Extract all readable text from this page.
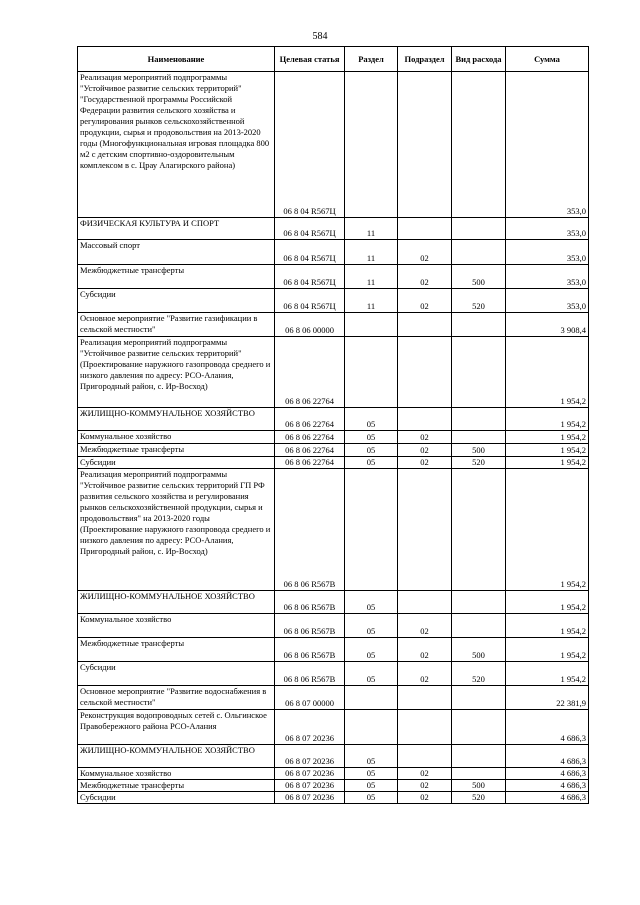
584
Наименование	Целевая статья	Раздел	Подраздел	Вид расхода	Сумма
Реализация мероприятий подпрограммы "Устойчивое развитие сельских территорий" "Государственной программы Российской Федерации развития сельского хозяйства и регулирования рынков сельскохозяйственной продукции, сырья и продовольствия на 2013-2020 годы (Многофункциональная игровая площадка 800 м2 с детским спортивно-оздоровительным комплексом в с. Црау Алагирского района)	06 8 04 R567Ц				353,0
ФИЗИЧЕСКАЯ КУЛЬТУРА И СПОРТ	06 8 04 R567Ц	11			353,0
Массовый спорт	06 8 04 R567Ц	11	02		353,0
Межбюджетные трансферты	06 8 04 R567Ц	11	02	500	353,0
Субсидии	06 8 04 R567Ц	11	02	520	353,0
Основное мероприятие "Развитие газификации в сельской местности"	06 8 06 00000				3 908,4
Реализация мероприятий подпрограммы "Устойчивое развитие сельских территорий" (Проектирование наружного газопровода среднего и низкого давления по адресу: РСО-Алания, Пригородный район, с. Ир-Восход)	06 8 06 22764				1 954,2
ЖИЛИЩНО-КОММУНАЛЬНОЕ ХОЗЯЙСТВО	06 8 06 22764	05			1 954,2
Коммунальное хозяйство	06 8 06 22764	05	02		1 954,2
Межбюджетные трансферты	06 8 06 22764	05	02	500	1 954,2
Субсидии	06 8 06 22764	05	02	520	1 954,2
Реализация мероприятий подпрограммы "Устойчивое развитие сельских территорий ГП РФ развития сельского хозяйства и регулирования рынков сельскохозяйственной продукции, сырья и продовольствия" на 2013-2020 годы (Проектирование наружного газопровода среднего и низкого давления по адресу: РСО-Алания, Пригородный район, с. Ир-Восход)	06 8 06 R567В				1 954,2
ЖИЛИЩНО-КОММУНАЛЬНОЕ ХОЗЯЙСТВО	06 8 06 R567В	05			1 954,2
Коммунальное хозяйство	06 8 06 R567В	05	02		1 954,2
Межбюджетные трансферты	06 8 06 R567В	05	02	500	1 954,2
Субсидии	06 8 06 R567В	05	02	520	1 954,2
Основное мероприятие "Развитие водоснабжения в сельской местности"	06 8 07 00000				22 381,9
Реконструкция водопроводных сетей с. Ольгинское Правобережного района РСО-Алания	06 8 07 20236				4 686,3
ЖИЛИЩНО-КОММУНАЛЬНОЕ ХОЗЯЙСТВО	06 8 07 20236	05			4 686,3
Коммунальное хозяйство	06 8 07 20236	05	02		4 686,3
Межбюджетные трансферты	06 8 07 20236	05	02	500	4 686,3
Субсидии	06 8 07 20236	05	02	520	4 686,3
